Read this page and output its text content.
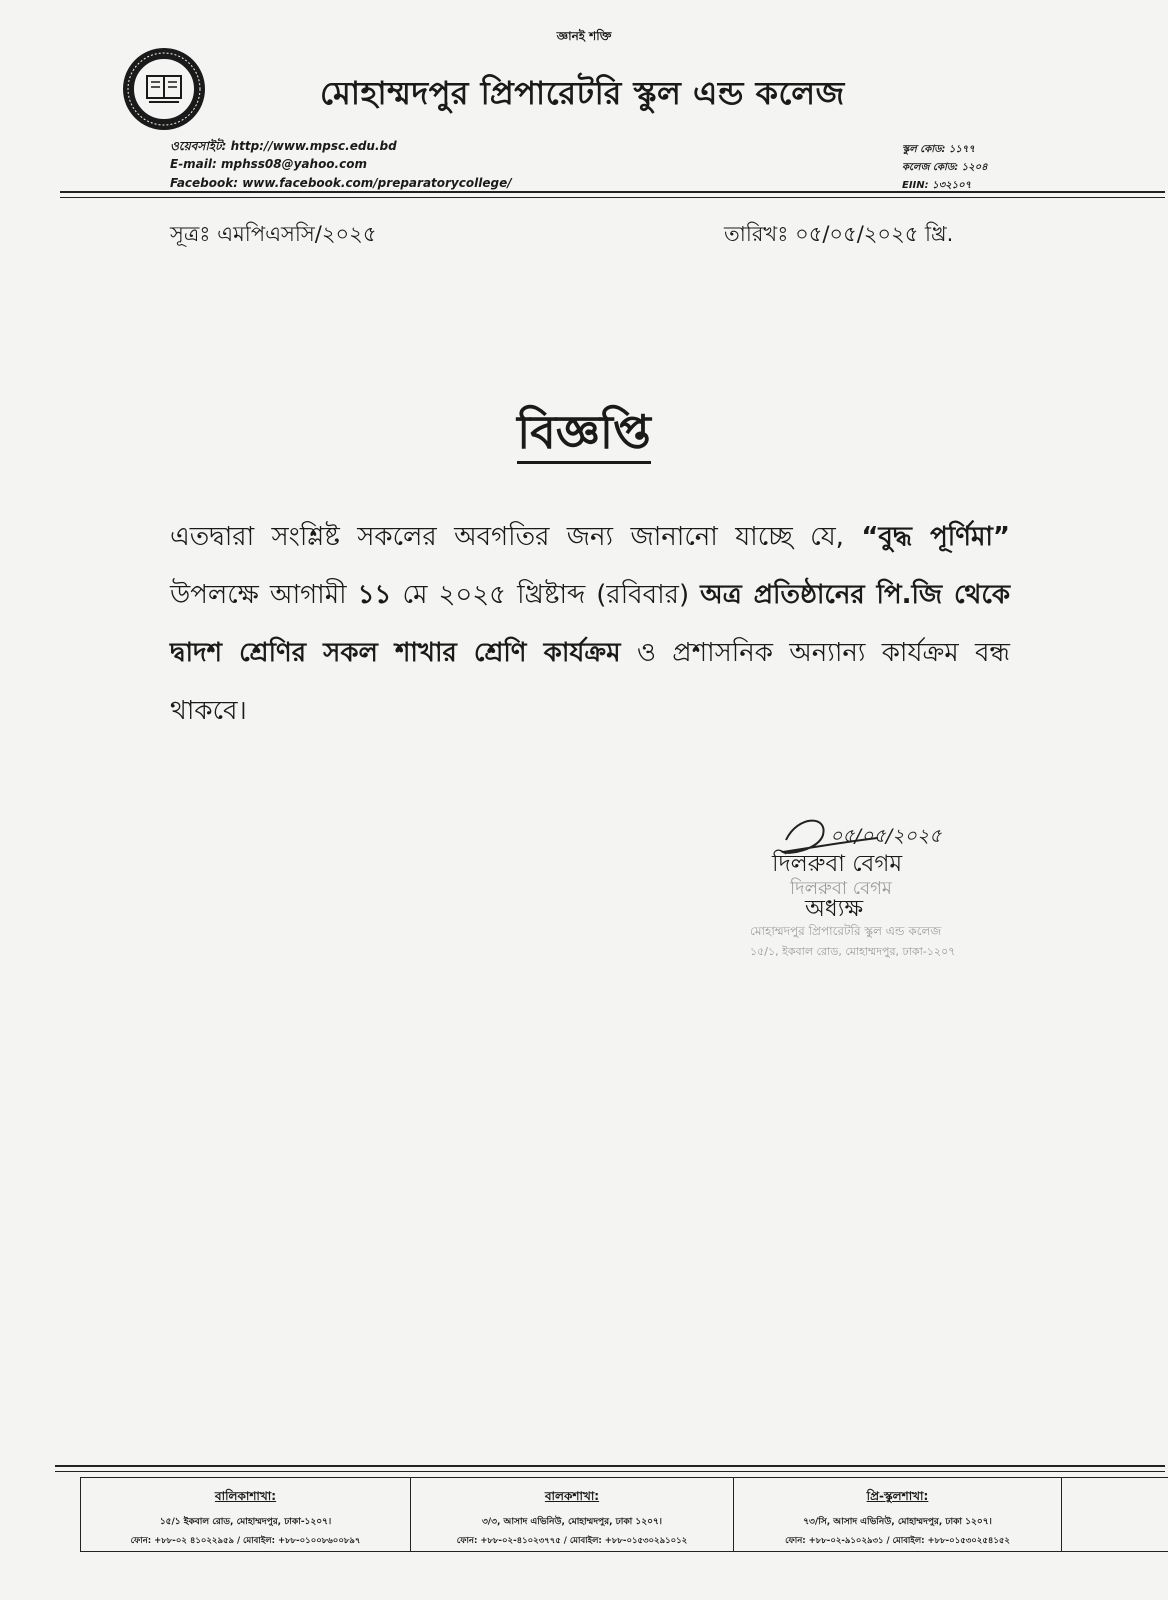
জ্ঞানই শক্তি
মোহাম্মদপুর প্রিপারেটরি স্কুল এন্ড কলেজ
ওয়েবসাইট: http://www.mpsc.edu.bd
E-mail: mphss08@yahoo.com
Facebook: www.facebook.com/preparatorycollege/
স্কুল কোড: ১১৭৭
কলেজ কোড: ১২০৪
EIIN: ১৩২১০৭
সূত্রঃ এমপিএসসি/২০২৫	তারিখঃ ০৫/০৫/২০২৫ খ্রি.
বিজ্ঞপ্তি
এতদ্বারা সংশ্লিষ্ট সকলের অবগতির জন্য জানানো যাচ্ছে যে, “বুদ্ধ পূর্ণিমা” উপলক্ষে আগামী ১১ মে ২০২৫ খ্রিষ্টাব্দ (রবিবার) অত্র প্রতিষ্ঠানের পি.জি থেকে দ্বাদশ শ্রেণির সকল শাখার শ্রেণি কার্যক্রম ও প্রশাসনিক অন্যান্য কার্যক্রম বন্ধ থাকবে।
০৫/০৫/২০২৫
দিলরুবা বেগম
দিলরুবা বেগম
অধ্যক্ষ
মোহাম্মদপুর প্রিপারেটরি স্কুল এন্ড কলেজ
১৫/১, ইকবাল রোড, মোহাম্মদপুর, ঢাকা-১২০৭
বালিকাশাখা:
১৫/১ ইকবাল রোড, মোহাম্মদপুর, ঢাকা-১২০৭।
ফোন: +৮৮-০২ ৪১০২২৯৫৯ / মোবাইল: +৮৮-০১০০৮৬০০৮৯৭
বালকশাখা:
৩/৩, আসাদ এভিনিউ, মোহাম্মদপুর, ঢাকা ১২০৭।
ফোন: +৮৮-০২-৪১০২৩৭৭৫ / মোবাইল: +৮৮-০১৫৩০২৯১০১২
প্রি-স্কুলশাখা:
৭৩/সি, আসাদ এভিনিউ, মোহাম্মদপুর, ঢাকা ১২০৭।
ফোন: +৮৮-০২-৯১০২৯৩১ / মোবাইল: +৮৮-০১৫৩০২৫৪১৫২
